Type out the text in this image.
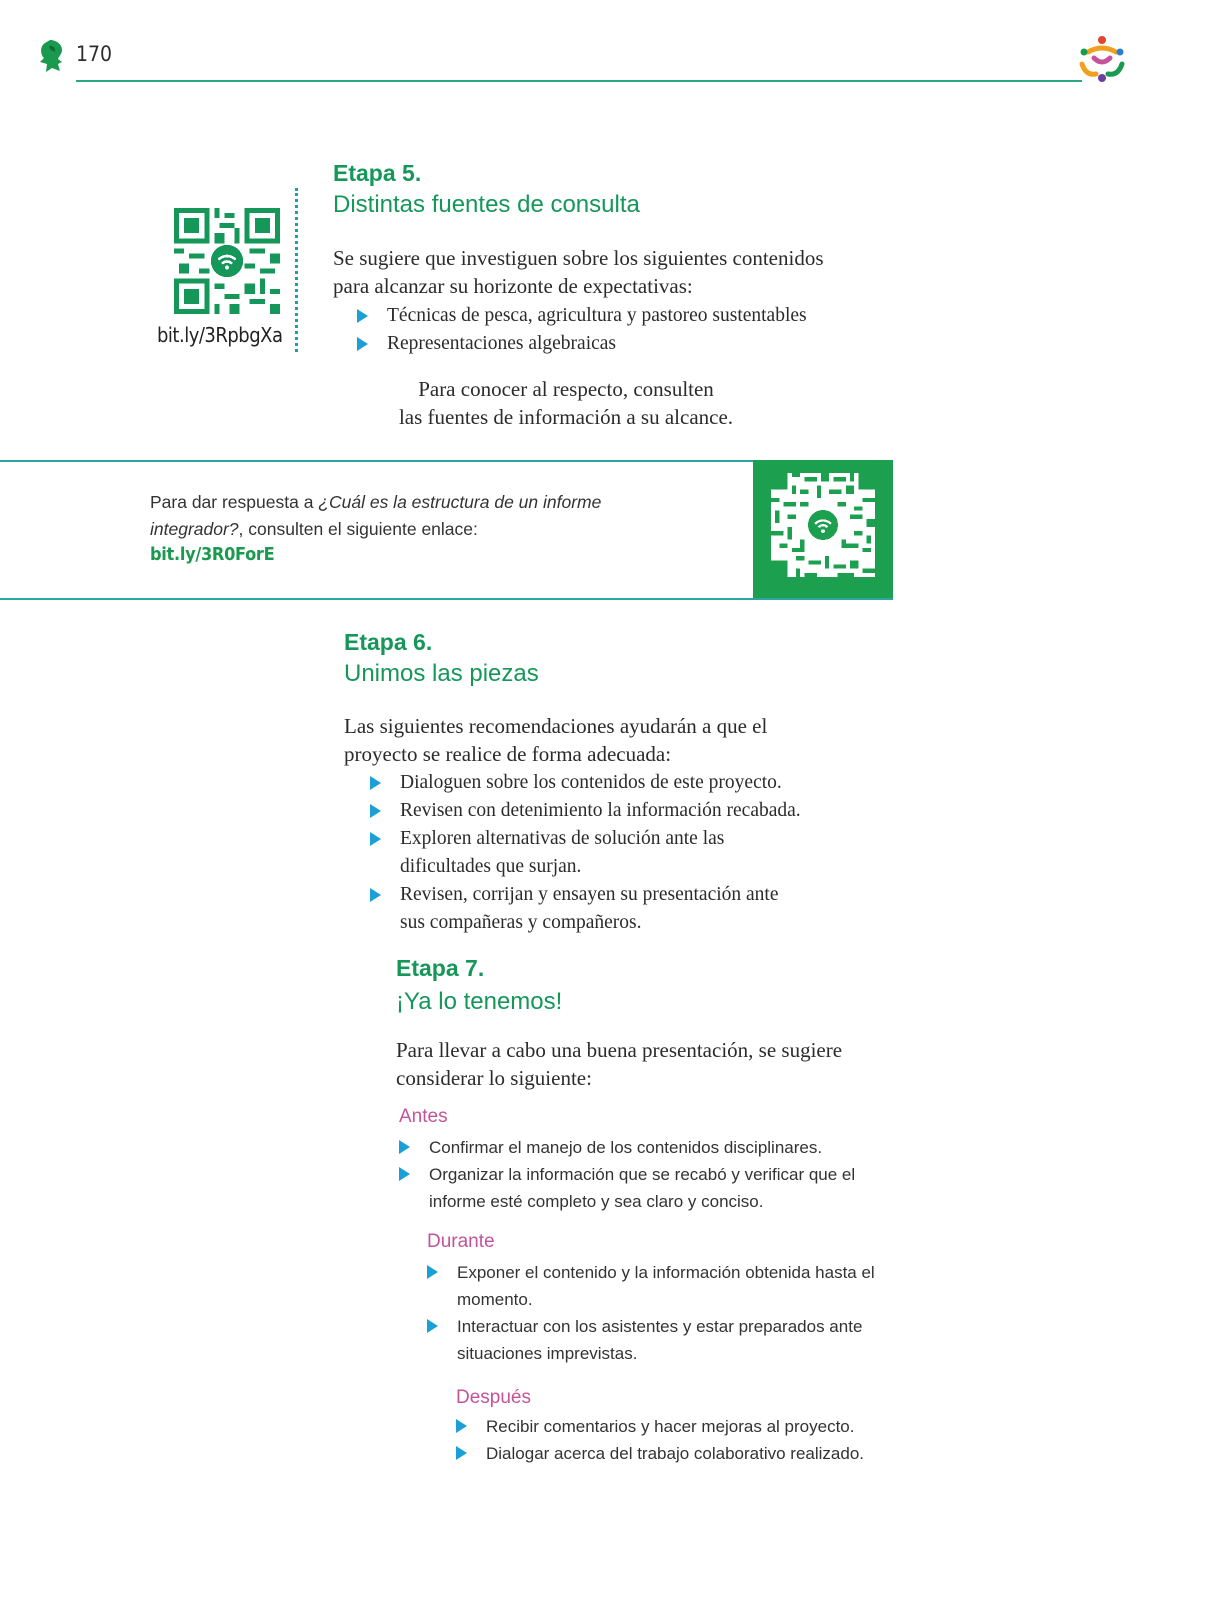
170
Etapa 5.
Distintas fuentes de consulta
bit.ly/3RpbgXa
Se sugiere que investiguen sobre los siguientes contenidos
para alcanzar su horizonte de expectativas:
Técnicas de pesca, agricultura y pastoreo sustentables
Representaciones algebraicas
Para conocer al respecto, consulten
las fuentes de información a su alcance.
Para dar respuesta a ¿Cuál es la estructura de un informe
integrador?, consulten el siguiente enlace:
bit.ly/3R0ForE
Etapa 6.
Unimos las piezas
Las siguientes recomendaciones ayudarán a que el
proyecto se realice de forma adecuada:
Dialoguen sobre los contenidos de este proyecto.
Revisen con detenimiento la información recabada.
Exploren alternativas de solución ante las
dificultades que surjan.
Revisen, corrijan y ensayen su presentación ante
sus compañeras y compañeros.
Etapa 7.
¡Ya lo tenemos!
Para llevar a cabo una buena presentación, se sugiere
considerar lo siguiente:
Antes
Confirmar el manejo de los contenidos disciplinares.
Organizar la información que se recabó y verificar que el
informe esté completo y sea claro y conciso.
Durante
Exponer el contenido y la información obtenida hasta el
momento.
Interactuar con los asistentes y estar preparados ante
situaciones imprevistas.
Después
Recibir comentarios y hacer mejoras al proyecto.
Dialogar acerca del trabajo colaborativo realizado.
